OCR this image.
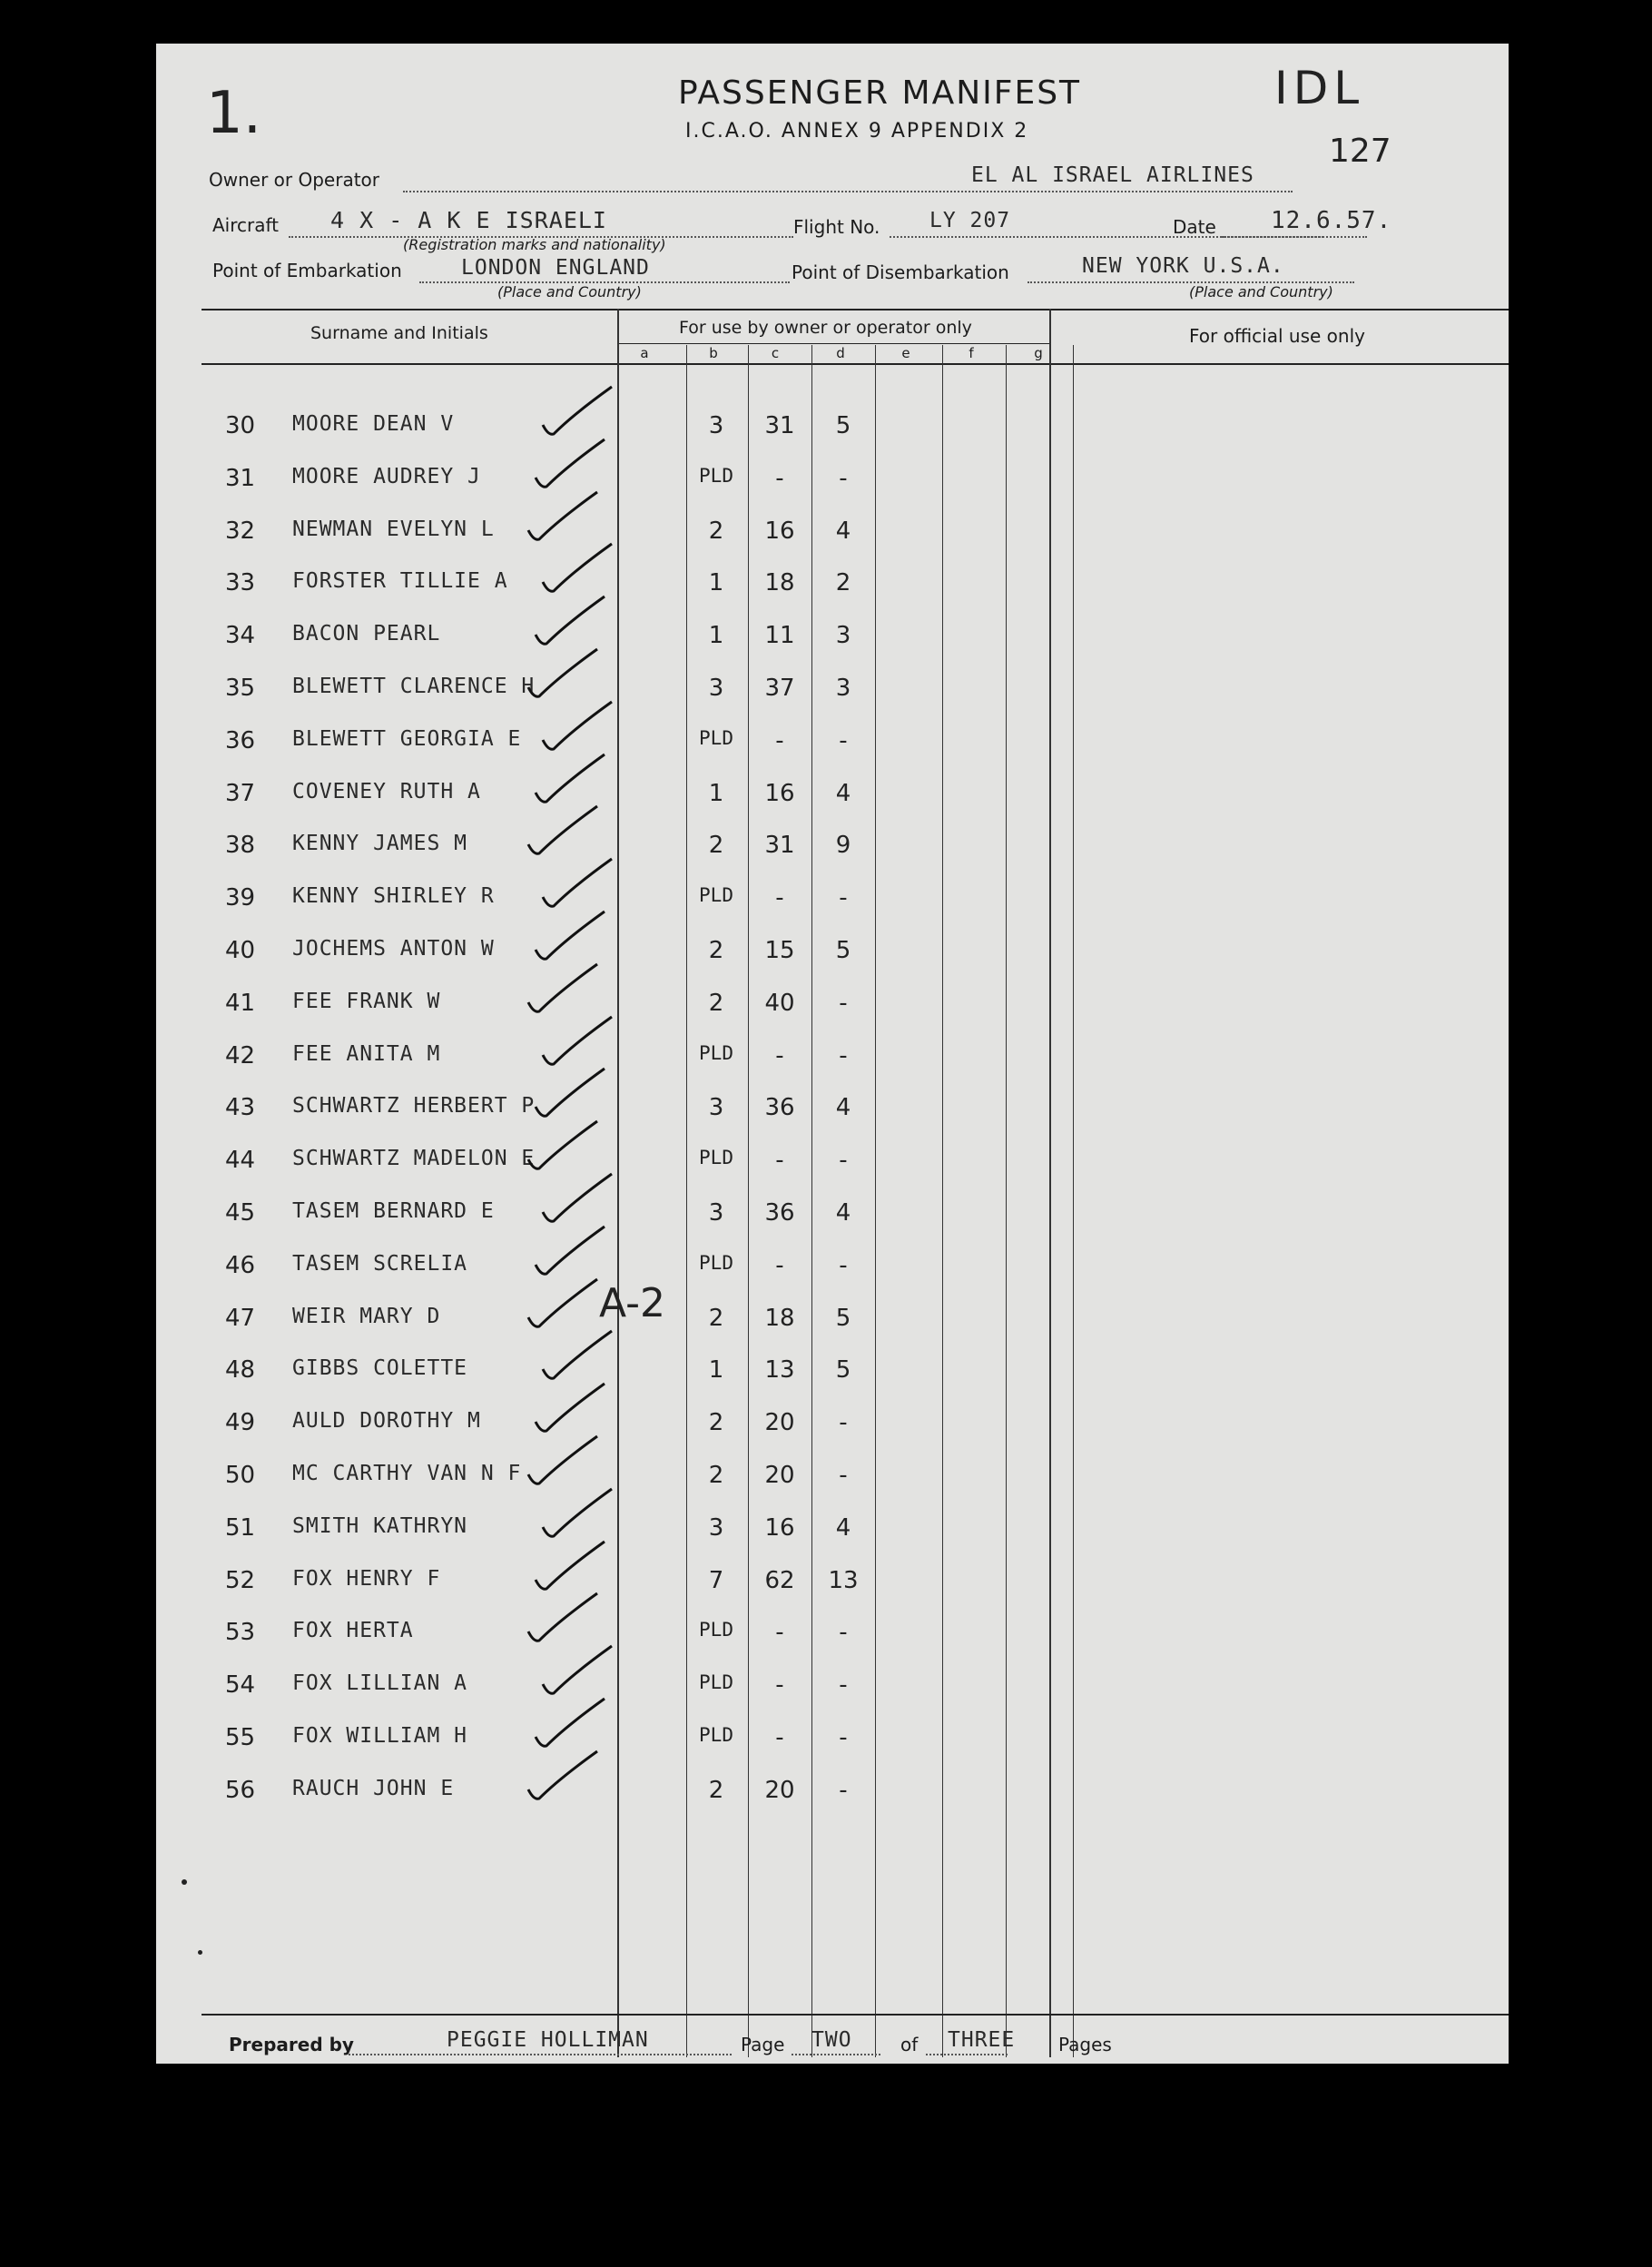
1.	IDL
127
PASSENGER MANIFEST
I.C.A.O. ANNEX 9 APPENDIX 2
Owner or Operator	EL AL ISRAEL AIRLINES
Aircraft 4 X - A K E ISRAELI
(Registration marks and nationality)
Flight No. LY 207	Date 12.6.57.
Point of Embarkation	LONDON ENGLAND
(Place and Country)
Point of Disembarkation	NEW YORK U.S.A.
(Place and Country)
Surname and Initials	For use by owner or operator only	For official use only
a	b	c	d	e	f	g
30 MOORE DEAN V	3	31	5
31 MOORE AUDREY J	PLD	-	-
32 NEWMAN EVELYN L	2	16	4
33 FORSTER TILLIE A	1	18	2
34 BACON PEARL	1	11	3
35 BLEWETT CLARENCE H	3	37	3
36 BLEWETT GEORGIA E	PLD	-	-
37 COVENEY RUTH A	1	16	4
38 KENNY JAMES M	2	31	9
39 KENNY SHIRLEY R	PLD	-	-
40 JOCHEMS ANTON W	2	15	5
41 FEE FRANK W	2	40	-
42 FEE ANITA M	PLD	-	-
43 SCHWARTZ HERBERT P	3	36	4
44 SCHWARTZ MADELON E	PLD	-	-
45 TASEM BERNARD E	3	36	4
46 TASEM SCRELIA	PLD	-	-
47 WEIR MARY D	2	18	5
48 GIBBS COLETTE	1	13	5
49 AULD DOROTHY M	2	20	-
50 MC CARTHY VAN N F	2	20	-
51 SMITH KATHRYN	3	16	4
52 FOX HENRY F	7	62	13
53 FOX HERTA	PLD	-	-
54 FOX LILLIAN A	PLD	-	-
55 FOX WILLIAM H	PLD	-	-
56 RAUCH JOHN E	2	20	-
A-2
Prepared by	PEGGIE HOLLIMAN	Page TWO	of THREE Pages
